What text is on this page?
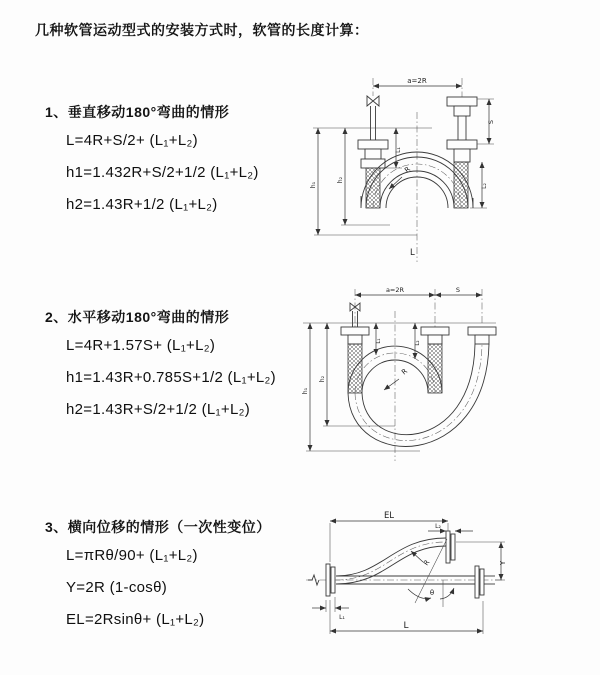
几种软管运动型式的安装方式时，软管的长度计算：
1、垂直移动180°弯曲的情形
L=4R+S/2+ (L₁+L₂)
h1=1.432R+S/2+1/2 (L₁+L₂)
h2=1.43R+1/2 (L₁+L₂)
a=2R
L₁
S
L₂
R
L
h₁
h₂
2、水平移动180°弯曲的情形
L=4R+1.57S+ (L₁+L₂)
h1=1.43R+0.785S+1/2 (L₁+L₂)
h2=1.43R+S/2+1/2 (L₁+L₂)
a=2R	S
L₁	L₂
h₁
h₂
R
3、横向位移的情形（一次性变位）
L=πRθ/90+ (L₁+L₂)
Y=2R (1-cosθ)
EL=2Rsinθ+ (L₁+L₂)
EL
L₂
L₁
L
Y
R
θ
